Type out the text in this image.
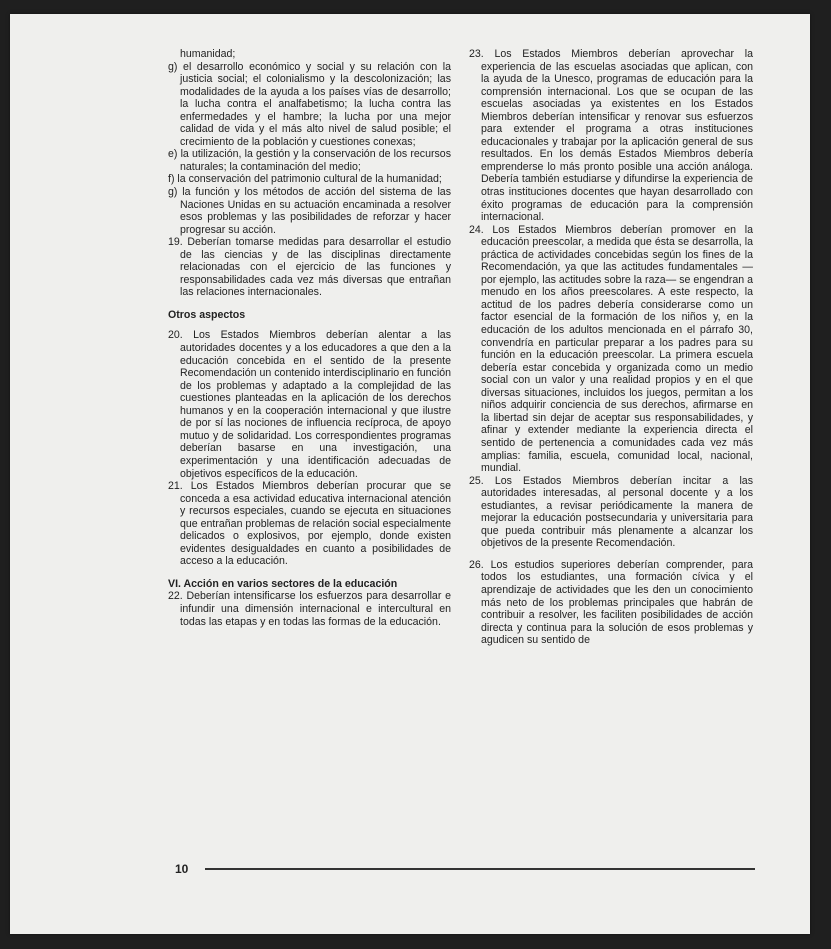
humanidad;

g) el desarrollo económico y social y su relación con la justicia social; el colonialismo y la descolonización; las modalidades de la ayuda a los países vías de desarrollo; la lucha contra el analfabetismo; la lucha contra las enfermedades y el hambre; la lucha por una mejor calidad de vida y el más alto nivel de salud posible; el crecimiento de la población y cuestiones conexas;

e) la utilización, la gestión y la conservación de los recursos naturales; la contaminación del medio;

f) la conservación del patrimonio cultural de la humanidad;

g) la función y los métodos de acción del sistema de las Naciones Unidas en su actuación encaminada a resolver esos problemas y las posibilidades de reforzar y hacer progresar su acción.

19. Deberían tomarse medidas para desarrollar el estudio de las ciencias y de las disciplinas directamente relacionadas con el ejercicio de las funciones y responsabilidades cada vez más diversas que entrañan las relaciones internacionales.

Otros aspectos

20. Los Estados Miembros deberían alentar a las autoridades docentes y a los educadores a que den a la educación concebida en el sentido de la presente Recomendación un contenido interdisciplinario en función de los problemas y adaptado a la complejidad de las cuestiones planteadas en la aplicación de los derechos humanos y en la cooperación internacional y que ilustre de por sí las nociones de influencia recíproca, de apoyo mutuo y de solidaridad. Los correspondientes programas deberían basarse en una investigación, una experimentación y una identificación adecuadas de objetivos específicos de la educación.

21. Los Estados Miembros deberían procurar que se conceda a esa actividad educativa internacional atención y recursos especiales, cuando se ejecuta en situaciones que entrañan problemas de relación social especialmente delicados o explosivos, por ejemplo, donde existen evidentes desigualdades en cuanto a posibilidades de acceso a la educación.

VI. Acción en varios sectores de la educación

22. Deberían intensificarse los esfuerzos para desarrollar e infundir una dimensión internacional e intercultural en todas las etapas y en todas las formas de la educación.

23. Los Estados Miembros deberían aprovechar la experiencia de las escuelas asociadas que aplican, con la ayuda de la Unesco, programas de educación para la comprensión internacional. Los que se ocupan de las escuelas asociadas ya existentes en los Estados Miembros deberían intensificar y renovar sus esfuerzos para extender el programa a otras instituciones educacionales y trabajar por la aplicación general de sus resultados. En los demás Estados Miembros debería emprenderse lo más pronto posible una acción análoga. Debería también estudiarse y difundirse la experiencia de otras instituciones docentes que hayan desarrollado con éxito programas de educación para la comprensión internacional.

24. Los Estados Miembros deberían promover en la educación preescolar, a medida que ésta se desarrolla, la práctica de actividades concebidas según los fines de la Recomendación, ya que las actitudes fundamentales —por ejemplo, las actitudes sobre la raza— se engendran a menudo en los años preescolares. A este respecto, la actitud de los padres debería considerarse como un factor esencial de la formación de los niños y, en la educación de los adultos mencionada en el párrafo 30, convendría en particular preparar a los padres para su función en la educación preescolar. La primera escuela debería estar concebida y organizada como un medio social con un valor y una realidad propios y en el que diversas situaciones, incluidos los juegos, permitan a los niños adquirir conciencia de sus derechos, afirmarse en la libertad sin dejar de aceptar sus responsabilidades, y afinar y extender mediante la experiencia directa el sentido de pertenencia a comunidades cada vez más amplias: familia, escuela, comunidad local, nacional, mundial.

25. Los Estados Miembros deberían incitar a las autoridades interesadas, al personal docente y a los estudiantes, a revisar periódicamente la manera de mejorar la educación postsecundaria y universitaria para que pueda contribuir más plenamente a alcanzar los objetivos de la presente Recomendación.

26. Los estudios superiores deberían comprender, para todos los estudiantes, una formación cívica y el aprendizaje de actividades que les den un conocimiento más neto de los problemas principales que habrán de contribuir a resolver, les faciliten posibilidades de acción directa y continua para la solución de esos problemas y agudicen su sentido de

10
